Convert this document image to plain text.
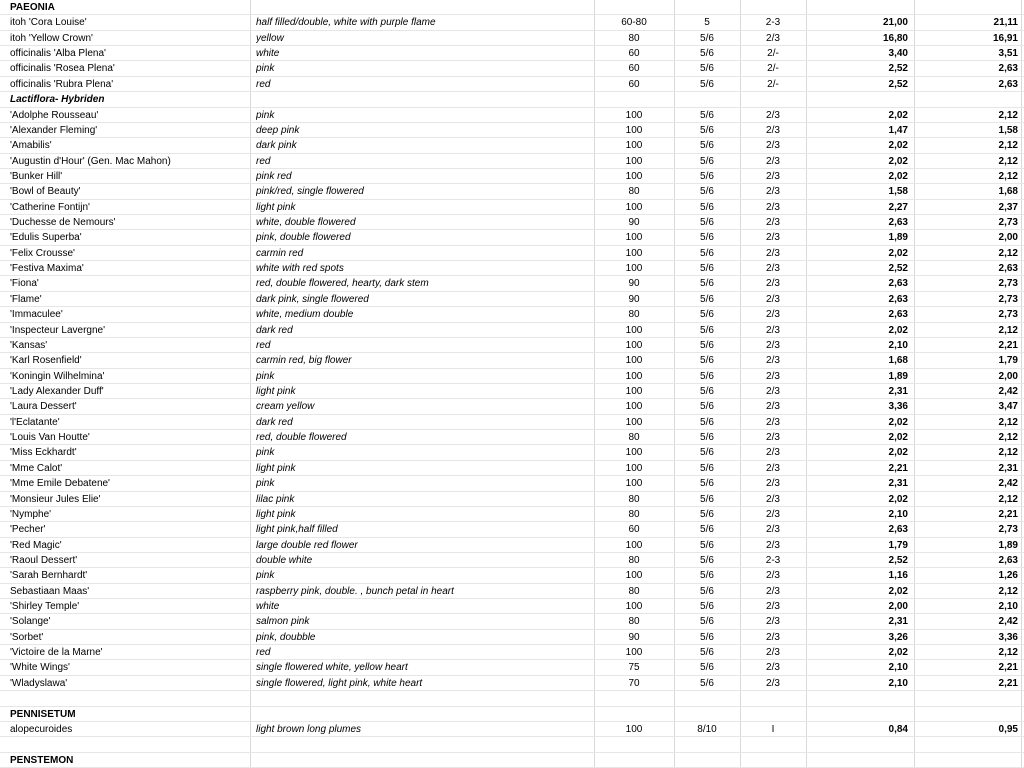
PAEONIA
itoh 'Cora Louise'	half filled/double, white with purple flame	60-80	5	2-3	21,00	21,11
itoh 'Yellow Crown'	yellow	80	5/6	2/3	16,80	16,91
officinalis 'Alba Plena'	white	60	5/6	2/-	3,40	3,51
officinalis 'Rosea Plena'	pink	60	5/6	2/-	2,52	2,63
officinalis 'Rubra Plena'	red	60	5/6	2/-	2,52	2,63
Lactiflora- Hybriden
'Adolphe Rousseau'	pink	100	5/6	2/3	2,02	2,12
'Alexander Fleming'	deep pink	100	5/6	2/3	1,47	1,58
'Amabilis'	dark pink	100	5/6	2/3	2,02	2,12
'Augustin d'Hour' (Gen. Mac Mahon)	red	100	5/6	2/3	2,02	2,12
'Bunker Hill'	pink red	100	5/6	2/3	2,02	2,12
'Bowl of Beauty'	pink/red, single flowered	80	5/6	2/3	1,58	1,68
'Catherine Fontijn'	light pink	100	5/6	2/3	2,27	2,37
'Duchesse de Nemours'	white, double flowered	90	5/6	2/3	2,63	2,73
'Edulis Superba'	pink, double flowered	100	5/6	2/3	1,89	2,00
'Felix Crousse'	carmin red	100	5/6	2/3	2,02	2,12
'Festiva Maxima'	white with red spots	100	5/6	2/3	2,52	2,63
'Fiona'	red, double flowered, hearty, dark stem	90	5/6	2/3	2,63	2,73
'Flame'	dark pink, single flowered	90	5/6	2/3	2,63	2,73
'Immaculee'	white, medium double	80	5/6	2/3	2,63	2,73
'Inspecteur Lavergne'	dark red	100	5/6	2/3	2,02	2,12
'Kansas'	red	100	5/6	2/3	2,10	2,21
'Karl Rosenfield'	carmin red, big flower	100	5/6	2/3	1,68	1,79
'Koningin Wilhelmina'	pink	100	5/6	2/3	1,89	2,00
'Lady Alexander Duff'	light pink	100	5/6	2/3	2,31	2,42
'Laura Dessert'	cream yellow	100	5/6	2/3	3,36	3,47
'l'Eclatante'	dark red	100	5/6	2/3	2,02	2,12
'Louis Van Houtte'	red, double flowered	80	5/6	2/3	2,02	2,12
'Miss Eckhardt'	pink	100	5/6	2/3	2,02	2,12
'Mme Calot'	light pink	100	5/6	2/3	2,21	2,31
'Mme Emile Debatene'	pink	100	5/6	2/3	2,31	2,42
'Monsieur Jules Elie'	lilac pink	80	5/6	2/3	2,02	2,12
'Nymphe'	light pink	80	5/6	2/3	2,10	2,21
'Pecher'	light pink,half filled	60	5/6	2/3	2,63	2,73
'Red Magic'	large double red flower	100	5/6	2/3	1,79	1,89
'Raoul Dessert'	double white	80	5/6	2-3	2,52	2,63
'Sarah Bernhardt'	pink	100	5/6	2/3	1,16	1,26
Sebastiaan Maas'	raspberry pink, double. , bunch petal in heart	80	5/6	2/3	2,02	2,12
'Shirley Temple'	white	100	5/6	2/3	2,00	2,10
'Solange'	salmon pink	80	5/6	2/3	2,31	2,42
'Sorbet'	pink, doubble	90	5/6	2/3	3,26	3,36
'Victoire de la Marne'	red	100	5/6	2/3	2,02	2,12
'White Wings'	single flowered white, yellow heart	75	5/6	2/3	2,10	2,21
'Wladyslawa'	single flowered, light pink, white heart	70	5/6	2/3	2,10	2,21
PENNISETUM
alopecuroides	light brown long plumes	100	8/10	I	0,84	0,95
PENSTEMON
